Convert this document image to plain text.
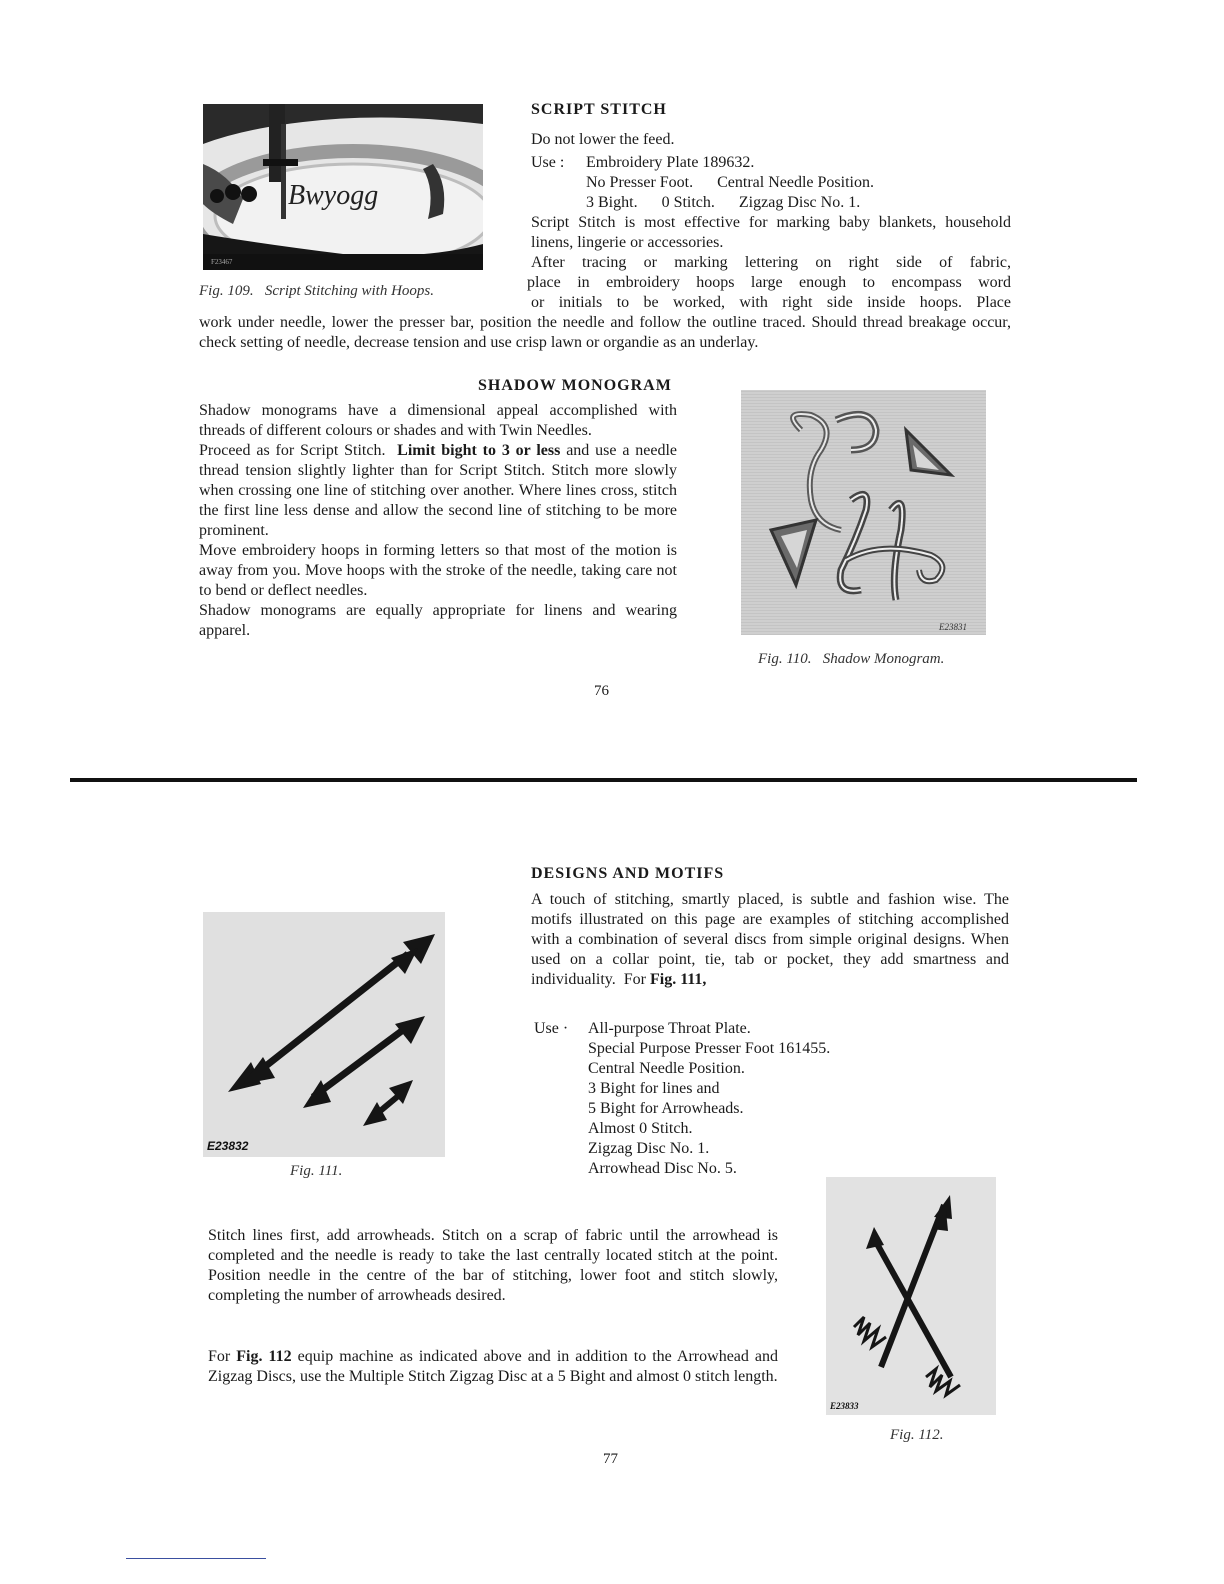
Bwyogg
F23467
Fig. 109.   Script Stitching with Hoops.
SCRIPT STITCH
Do not lower the feed.
Use : Embroidery Plate 189632.
No Presser Foot.      Central Needle Position.
3 Bight.      0 Stitch.      Zigzag Disc No. 1.
Script Stitch is most effective for marking baby blankets, household linens, lingerie or accessories.
After tracing or marking lettering on right side of fabric,
place in embroidery hoops large enough to encompass word
or initials to be worked, with right side inside hoops. Place
work under needle, lower the presser bar, position the needle and follow the outline traced. Should thread breakage occur, check setting of needle, decrease tension and use crisp lawn or organdie as an underlay.
SHADOW MONOGRAM
Shadow monograms have a dimensional appeal accomplished with threads of different colours or shades and with Twin Needles.
Proceed as for Script Stitch. Limit bight to 3 or less and use a needle thread tension slightly lighter than for Script Stitch. Stitch more slowly when crossing one line of stitching over another. Where lines cross, stitch the first line less dense and allow the second line of stitching to be more prominent.
Move embroidery hoops in forming letters so that most of the motion is away from you. Move hoops with the stroke of the needle, taking care not to bend or deflect needles.
Shadow monograms are equally appropriate for linens and wearing apparel.	E23831
Fig. 110.   Shadow Monogram.
76
DESIGNS AND MOTIFS
A touch of stitching, smartly placed, is subtle and fashion wise. The motifs illustrated on this page are examples of stitching accomplished with a combination of several discs from simple original designs. When used on a collar point, tie, tab or pocket, they add smartness and individuality. For Fig. 111,
Use · All-purpose Throat Plate.
Special Purpose Presser Foot 161455.
Central Needle Position.
3 Bight for lines and
5 Bight for Arrowheads.
Almost 0 Stitch.
Zigzag Disc No. 1.
Arrowhead Disc No. 5.
E23832
Fig. 111.
E23833
Fig. 112.
Stitch lines first, add arrowheads. Stitch on a scrap of fabric until the arrowhead is completed and the needle is ready to take the last centrally located stitch at the point. Position needle in the centre of the bar of stitching, lower foot and stitch slowly, completing the number of arrowheads desired.
For Fig. 112 equip machine as indicated above and in addition to the Arrowhead and Zigzag Discs, use the Multiple Stitch Zigzag Disc at a 5 Bight and almost 0 stitch length.
77
